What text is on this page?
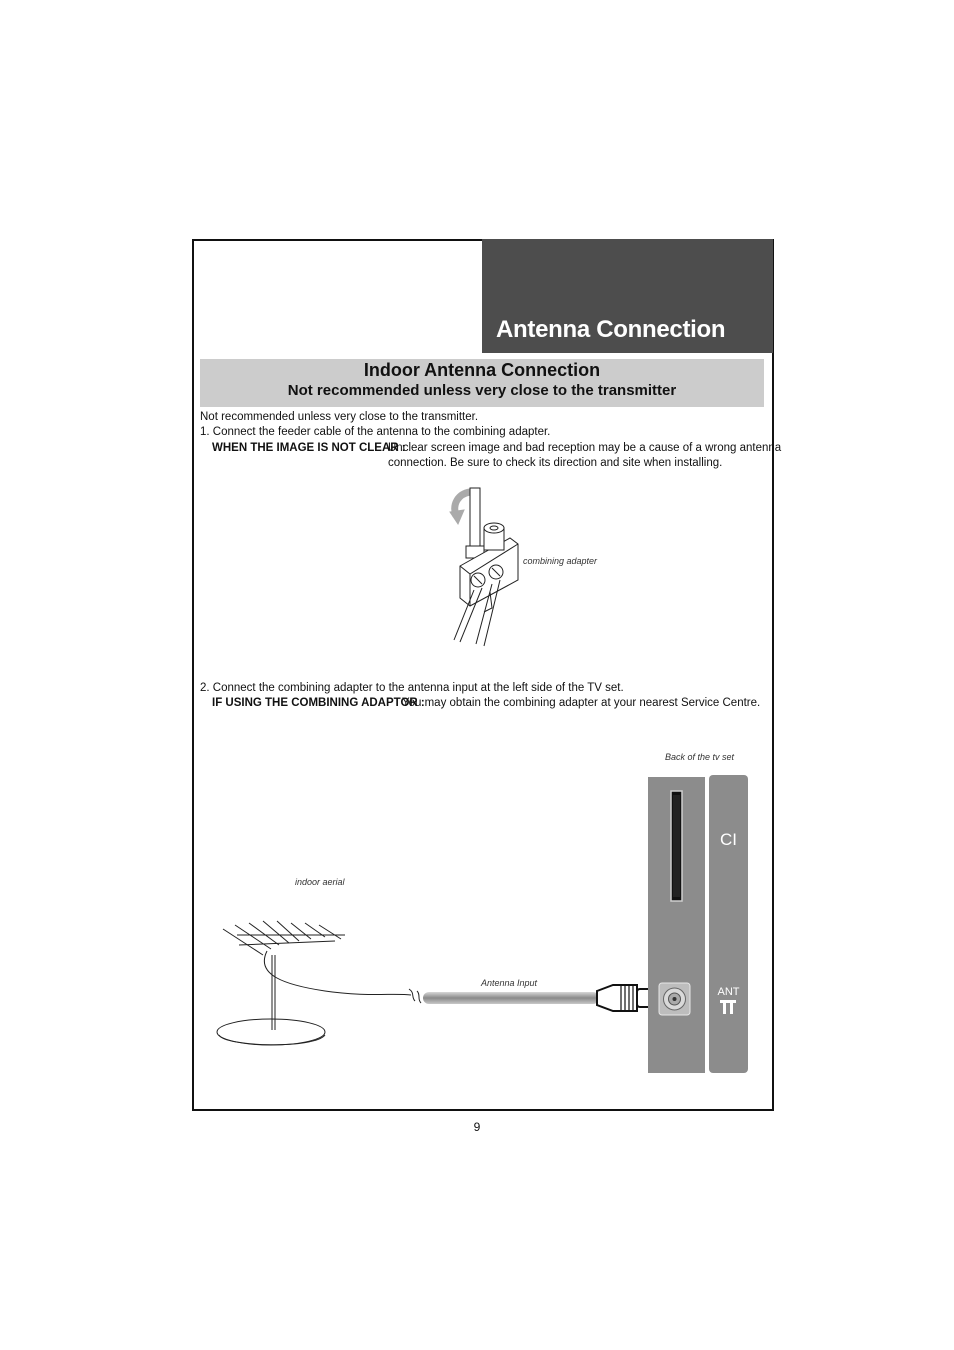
Antenna Connection
Indoor Antenna Connection
Not recommended unless very close to the transmitter
Not recommended unless very close to the transmitter.
1. Connect the feeder cable of the antenna to the combining adapter.
WHEN THE IMAGE IS NOT CLEAR :
Unclear screen image and bad reception may be a cause of a wrong antenna
connection. Be sure to check its direction and site when installing.
combining adapter
2. Connect the combining adapter to the antenna input at the left side of the TV set.
IF USING THE COMBINING ADAPTOR :
You may obtain the combining adapter at your nearest Service Centre.
Back of the tv set
indoor aerial
Antenna Input
CI
ANT
9
